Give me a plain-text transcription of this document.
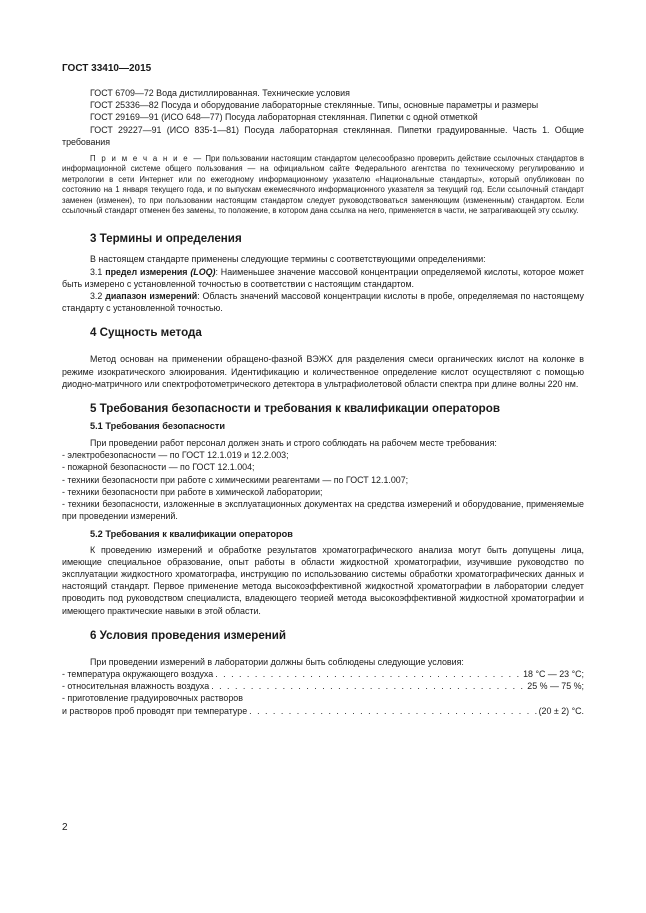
ГОСТ 33410—2015

ГОСТ 6709—72 Вода дистиллированная. Технические условия

ГОСТ 25336—82 Посуда и оборудование лабораторные стеклянные. Типы, основные параметры и размеры

ГОСТ 29169—91 (ИСО 648—77) Посуда лабораторная стеклянная. Пипетки с одной отметкой

ГОСТ 29227—91 (ИСО 835-1—81) Посуда лабораторная стеклянная. Пипетки градуированные. Часть 1. Общие требования

П р и м е ч а н и е — При пользовании настоящим стандартом целесообразно проверить действие ссылочных стандартов в информационной системе общего пользования — на официальном сайте Федерального агентства по техническому регулированию и метрологии в сети Интернет или по ежегодному информационному указателю «Национальные стандарты», который опубликован по состоянию на 1 января текущего года, и по выпускам ежемесячного информационного указателя за текущий год. Если ссылочный стандарт заменен (изменен), то при пользовании настоящим стандартом следует руководствоваться заменяющим (измененным) стандартом. Если ссылочный стандарт отменен без замены, то положение, в котором дана ссылка на него, применяется в части, не затрагивающей эту ссылку.

3 Термины и определения

В настоящем стандарте применены следующие термины с соответствующими определениями:

3.1 предел измерения (LOQ): Наименьшее значение массовой концентрации определяемой кислоты, которое может быть измерено с установленной точностью в соответствии с настоящим стандартом.

3.2 диапазон измерений: Область значений массовой концентрации кислоты в пробе, определяемая по настоящему стандарту с установленной точностью.

4 Сущность метода

Метод основан на применении обращено-фазной ВЭЖХ для разделения смеси органических кислот на колонке в режиме изократического элюирования. Идентификацию и количественное определение кислот осуществляют с помощью диодно-матричного или спектрофотометрического детектора в ультрафиолетовой области спектра при длине волны 220 нм.

5 Требования безопасности и требования к квалификации операторов
5.1 Требования безопасности

При проведении работ персонал должен знать и строго соблюдать на рабочем месте требования:

- электробезопасности — по ГОСТ 12.1.019 и 12.2.003;

- пожарной безопасности — по ГОСТ 12.1.004;

- техники безопасности при работе с химическими реагентами — по ГОСТ 12.1.007;

- техники безопасности при работе в химической лаборатории;

- техники безопасности, изложенные в эксплуатационных документах на средства измерений и оборудование, применяемые при проведении измерений.

5.2 Требования к квалификации операторов

К проведению измерений и обработке результатов хроматографического анализа могут быть допущены лица, имеющие специальное образование, опыт работы в области жидкостной хроматографии, изучившие руководство по эксплуатации жидкостного хроматографа, инструкцию по использованию системы обработки хроматографических данных и настоящий стандарт. Первое применение метода высокоэффективной жидкостной хроматографии в лаборатории следует проводить под руководством специалиста, владеющего теорией метода высокоэффективной жидкостной хроматографии и имеющего практические навыки в этой области.

6 Условия проведения измерений

При проведении измерений в лаборатории должны быть соблюдены следующие условия:

- температура окружающего воздуха . . .	18 °С — 23 °С;
- относительная влажность воздуха . . .	25 % — 75 %;

- приготовление градуировочных растворов

и растворов проб проводят при температуре . . .	(20 ± 2) °С.
2
